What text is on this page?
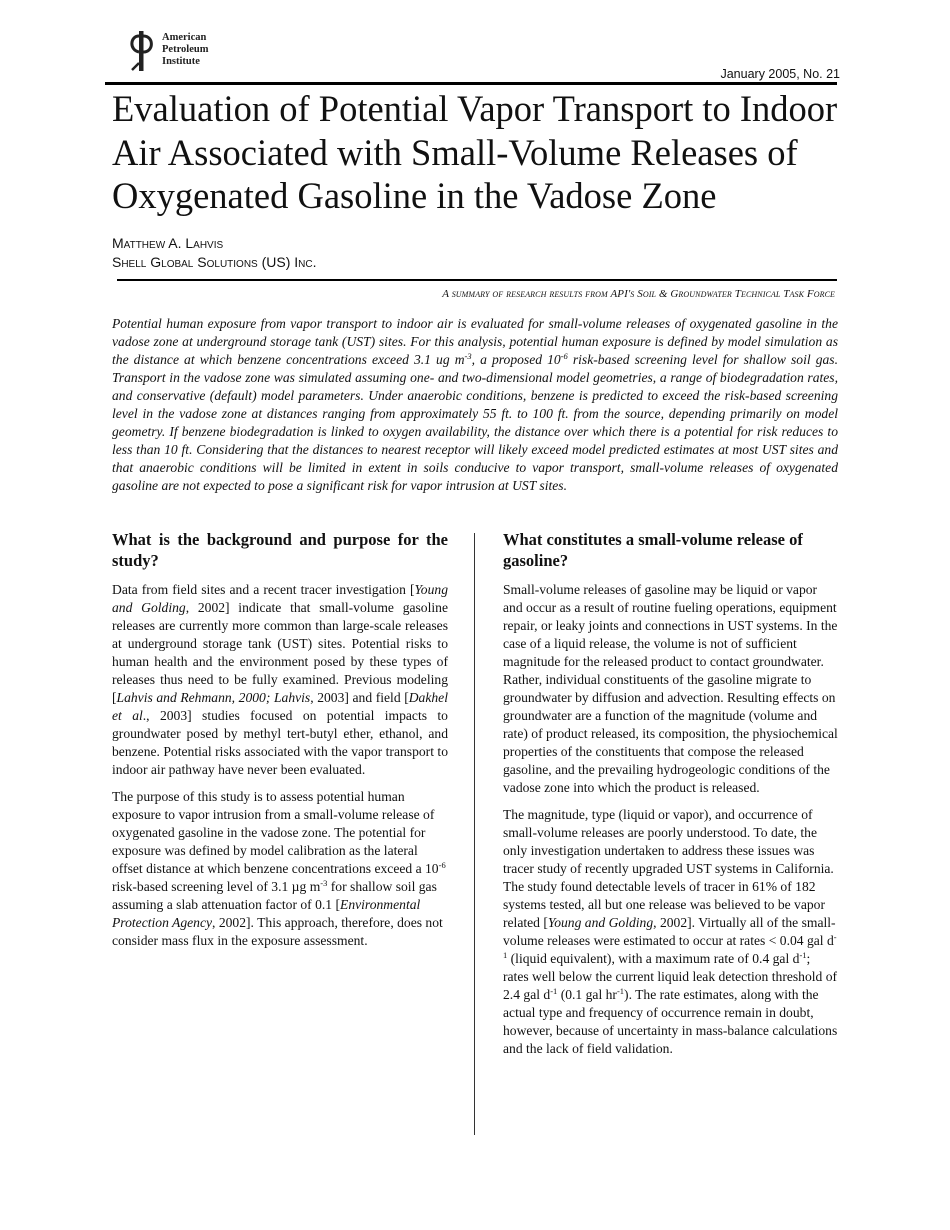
American
Petroleum
Institute
January 2005, No. 21
Evaluation of Potential Vapor Transport to Indoor Air Associated with Small-Volume Releases of Oxygenated Gasoline in the Vadose Zone
Matthew A. Lahvis
Shell Global Solutions (US) Inc.
A summary of research results from API's Soil & Groundwater Technical Task Force

Potential human exposure from vapor transport to indoor air is evaluated for small-volume releases of oxygenated gasoline in the vadose zone at underground storage tank (UST) sites. For this analysis, potential human exposure is defined by model simulation as the distance at which benzene concentrations exceed 3.1 ug $m^{-3}$, a proposed $10^{-6}$ risk-based screening level for shallow soil gas. Transport in the vadose zone was simulated assuming one- and two-dimensional model geometries, a range of biodegradation rates, and conservative (default) model parameters. Under anaerobic conditions, benzene is predicted to exceed the risk-based screening level in the vadose zone at distances ranging from approximately 55 ft. to 100 ft. from the source, depending primarily on model geometry. If benzene biodegradation is linked to oxygen availability, the distance over which there is a potential for risk reduces to less than 10 ft. Considering that the distances to nearest receptor will likely exceed model predicted estimates at most UST sites and that anaerobic conditions will be limited in extent in soils conducive to vapor transport, small-volume releases of oxygenated gasoline are not expected to pose a significant risk for vapor intrusion at UST sites.

What is the background and purpose for the study?

Data from field sites and a recent tracer investigation [Young and Golding, 2002] indicate that small-volume gasoline releases are currently more common than large-scale releases at underground storage tank (UST) sites. Potential risks to human health and the environment posed by these types of releases thus need to be fully examined. Previous modeling [Lahvis and Rehmann, 2000; Lahvis, 2003] and field [Dakhel et al., 2003] studies focused on potential impacts to groundwater posed by methyl tert-butyl ether, ethanol, and benzene. Potential risks associated with the vapor transport to indoor air pathway have never been evaluated.

The purpose of this study is to assess potential human exposure to vapor intrusion from a small-volume release of oxygenated gasoline in the vadose zone. The potential for exposure was defined by model calibration as the lateral offset distance at which benzene concentrations exceed a $10^{-6}$ risk-based screening level of 3.1 µg $m^{-3}$ for shallow soil gas assuming a slab attenuation factor of 0.1 [Environmental Protection Agency, 2002]. This approach, therefore, does not consider mass flux in the exposure assessment.

What constitutes a small-volume release of gasoline?

Small-volume releases of gasoline may be liquid or vapor and occur as a result of routine fueling operations, equipment repair, or leaky joints and connections in UST systems. In the case of a liquid release, the volume is not of sufficient magnitude for the released product to contact groundwater. Rather, individual constituents of the gasoline migrate to groundwater by diffusion and advection. Resulting effects on groundwater are a function of the magnitude (volume and rate) of product released, its composition, the physiochemical properties of the constituents that compose the released gasoline, and the prevailing hydrogeologic conditions of the vadose zone into which the product is released.

The magnitude, type (liquid or vapor), and occurrence of small-volume releases are poorly understood. To date, the only investigation undertaken to address these issues was tracer study of recently upgraded UST systems in California. The study found detectable levels of tracer in 61% of 182 systems tested, all but one release was believed to be vapor related [Young and Golding, 2002]. Virtually all of the small-volume releases were estimated to occur at rates < 0.04 gal $d^{-1}$ (liquid equivalent), with a maximum rate of 0.4 gal $d^{-1}$; rates well below the current liquid leak detection threshold of 2.4 gal $d^{-1}$ (0.1 gal $hr^{-1}$). The rate estimates, along with the actual type and frequency of occurrence remain in doubt, however, because of uncertainty in mass-balance calculations and the lack of field validation.
